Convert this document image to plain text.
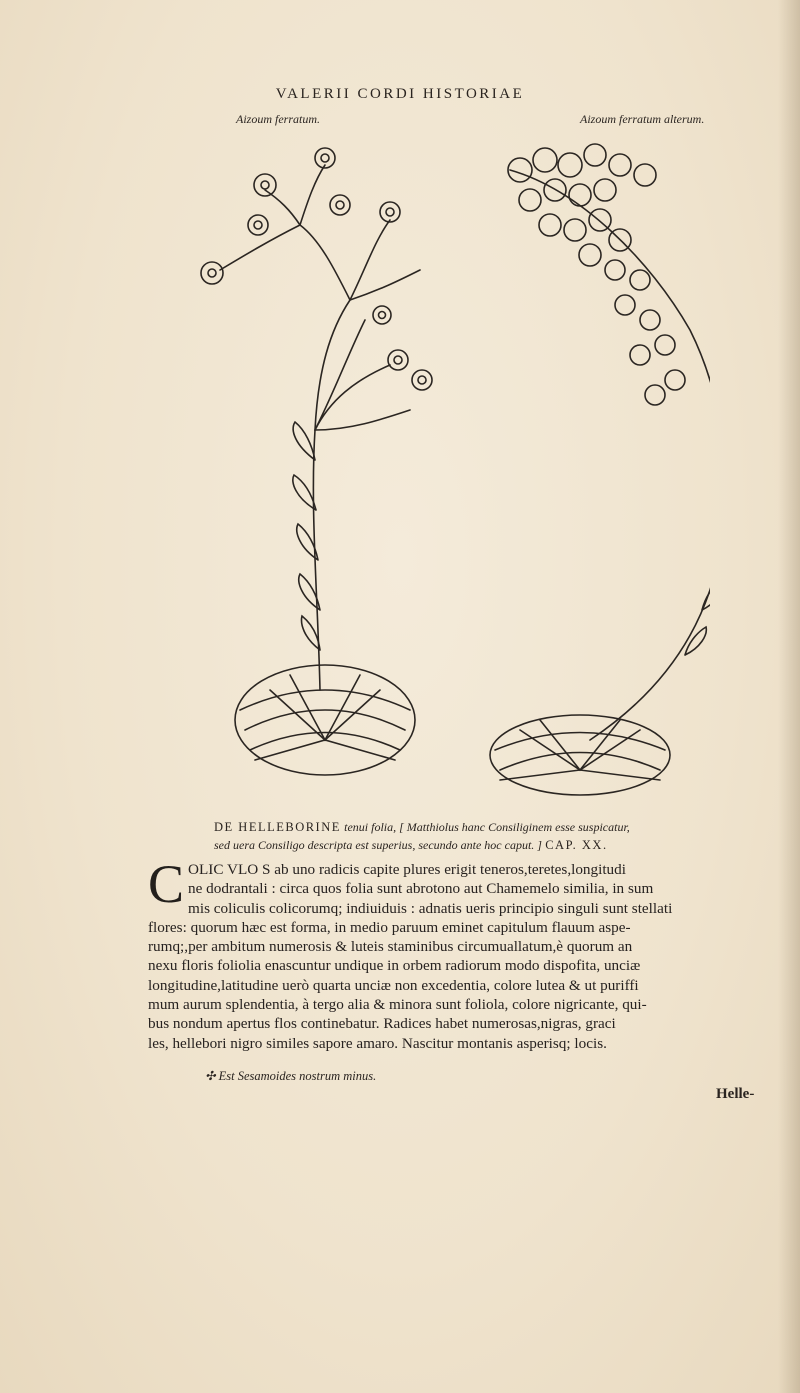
VALERII CORDI HISTORIAE
Aizoum ferratum.	Aizoum ferratum alterum.
DE HELLEBORINE tenui folia, [ Matthiolus hanc Consiliginem esse suspicatur,
sed uera Consiligo descripta est superius, secundo ante hoc caput. ] CAP. XX.
C OLIC VLO S ab uno radicis capite plures erigit teneros,teretes,longitudi
ne dodrantali : circa quos folia sunt abrotono aut Chamemelo similia, in sum
mis coliculis colicorumq; indiuiduis : adnatis ueris principio singuli sunt stellati
flores: quorum hæc est forma, in medio paruum eminet capitulum flauum aspe-
rumq;,per ambitum numerosis & luteis staminibus circumuallatum,è quorum an
nexu floris foliolia enascuntur undique in orbem radiorum modo dispofita, unciæ
longitudine,latitudine uerò quarta unciæ non excedentia, colore lutea & ut puriffi
mum aurum splendentia, à tergo alia & minora sunt foliola, colore nigricante, qui-
bus nondum apertus flos continebatur. Radices habet numerosas,nigras, graci
les, hellebori nigro similes sapore amaro. Nascitur montanis asperisq; locis.
✣ Est Sesamoides nostrum minus.
Helle-
